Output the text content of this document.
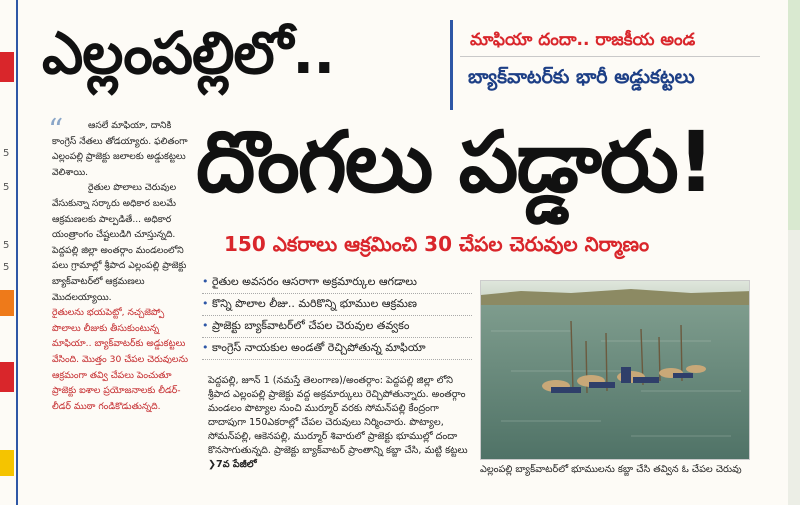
5
5
5
5
ఎల్లంపల్లిలో..	మాఫియా దందా.. రాజకీయ అండ
బ్యాక్‌వాటర్‌కు భారీ అడ్డుకట్టలు
దొంగలు పడ్డారు!
150 ఎకరాలు ఆక్రమించి 30 చేపల చెరువుల నిర్మాణం
“	ఆసలే మాఫియా, దానికి కాంగ్రెస్‌ నేతలు తోడయ్యారు. ఫలితంగా ఎల్లంపల్లి ప్రాజెక్టు జలాలకు అడ్డుకట్టలు వెలిశాయి.

రైతుల పొలాలు చెరువుల వేసుకున్నా సర్కారు అధికార బలమే ఆక్రమణలకు పాల్పడితే... అధికార యంత్రాంగం చేష్టలుడిగి చూస్తున్నది. పెద్దపల్లి జిల్లా అంతర్గాం మండలంలోని పలు గ్రామాల్లో శ్రీపాద ఎల్లంపల్లి ప్రాజెక్టు బ్యాక్‌వాటర్‌లో ఆక్రమణలు మొదలయ్యాయి.

రైతులను భయపెట్టో, నచ్చజెప్పో పొలాలు లీజుకు తీసుకుంటున్న మాఫియా.. బ్యాక్‌వాటర్‌కు అడ్డుకట్టలు వేసింది. మొత్తం 30 చేపల చెరువులను ఆక్రమంగా తవ్వి చేపలు పెంచుతూ ప్రాజెక్టు ఐశాల ప్రయోజనాలకు లీడర్‌-లీడర్‌ ముఠా గండికొడుతున్నది.

• రైతుల అవసరం ఆసరాగా అక్రమార్కుల ఆగడాలు
• కొన్ని పొలాల లీజు.. మరికొన్ని భూముల ఆక్రమణ
• ప్రాజెక్టు బ్యాక్‌వాటర్‌లో చేపల చెరువుల తవ్వకం
• కాంగ్రెస్‌ నాయకుల అండతో రెచ్చిపోతున్న మాఫియా
పెద్దపల్లి, జూన్‌ 1 (నమస్తే తెలంగాణ)/అంతర్గాం: పెద్దపల్లి జిల్లా లోని శ్రీపాద ఎల్లంపల్లి ప్రాజెక్టు వద్ద అక్రమార్కులు రెచ్చిపోతున్నారు. అంతర్గాం మండలం పొట్యాల నుంచి ముర్మూర్‌ వరకు సోమన్‌పల్లి కేంద్రంగా దాదాపుగా 150ఎకరాల్లో చేపల చెరువులు నిర్మించారు. పొట్యాల, సోమన్‌పల్లి, ఆకెనపల్లి, ముర్మూర్‌ శివారులో ప్రాజెక్టు భూముల్లో దందా కొనసాగుతున్నది. ప్రాజెక్టు బ్యాక్‌వాటర్‌ ప్రాంతాన్ని కబ్జా చేసి, మట్టి కట్టలు ❯7వ పేజీలో	ఎల్లంపల్లి బ్యాక్‌వాటర్‌లో భూములను కబ్జా చేసి తవ్విన ఓ చేపల చెరువు
